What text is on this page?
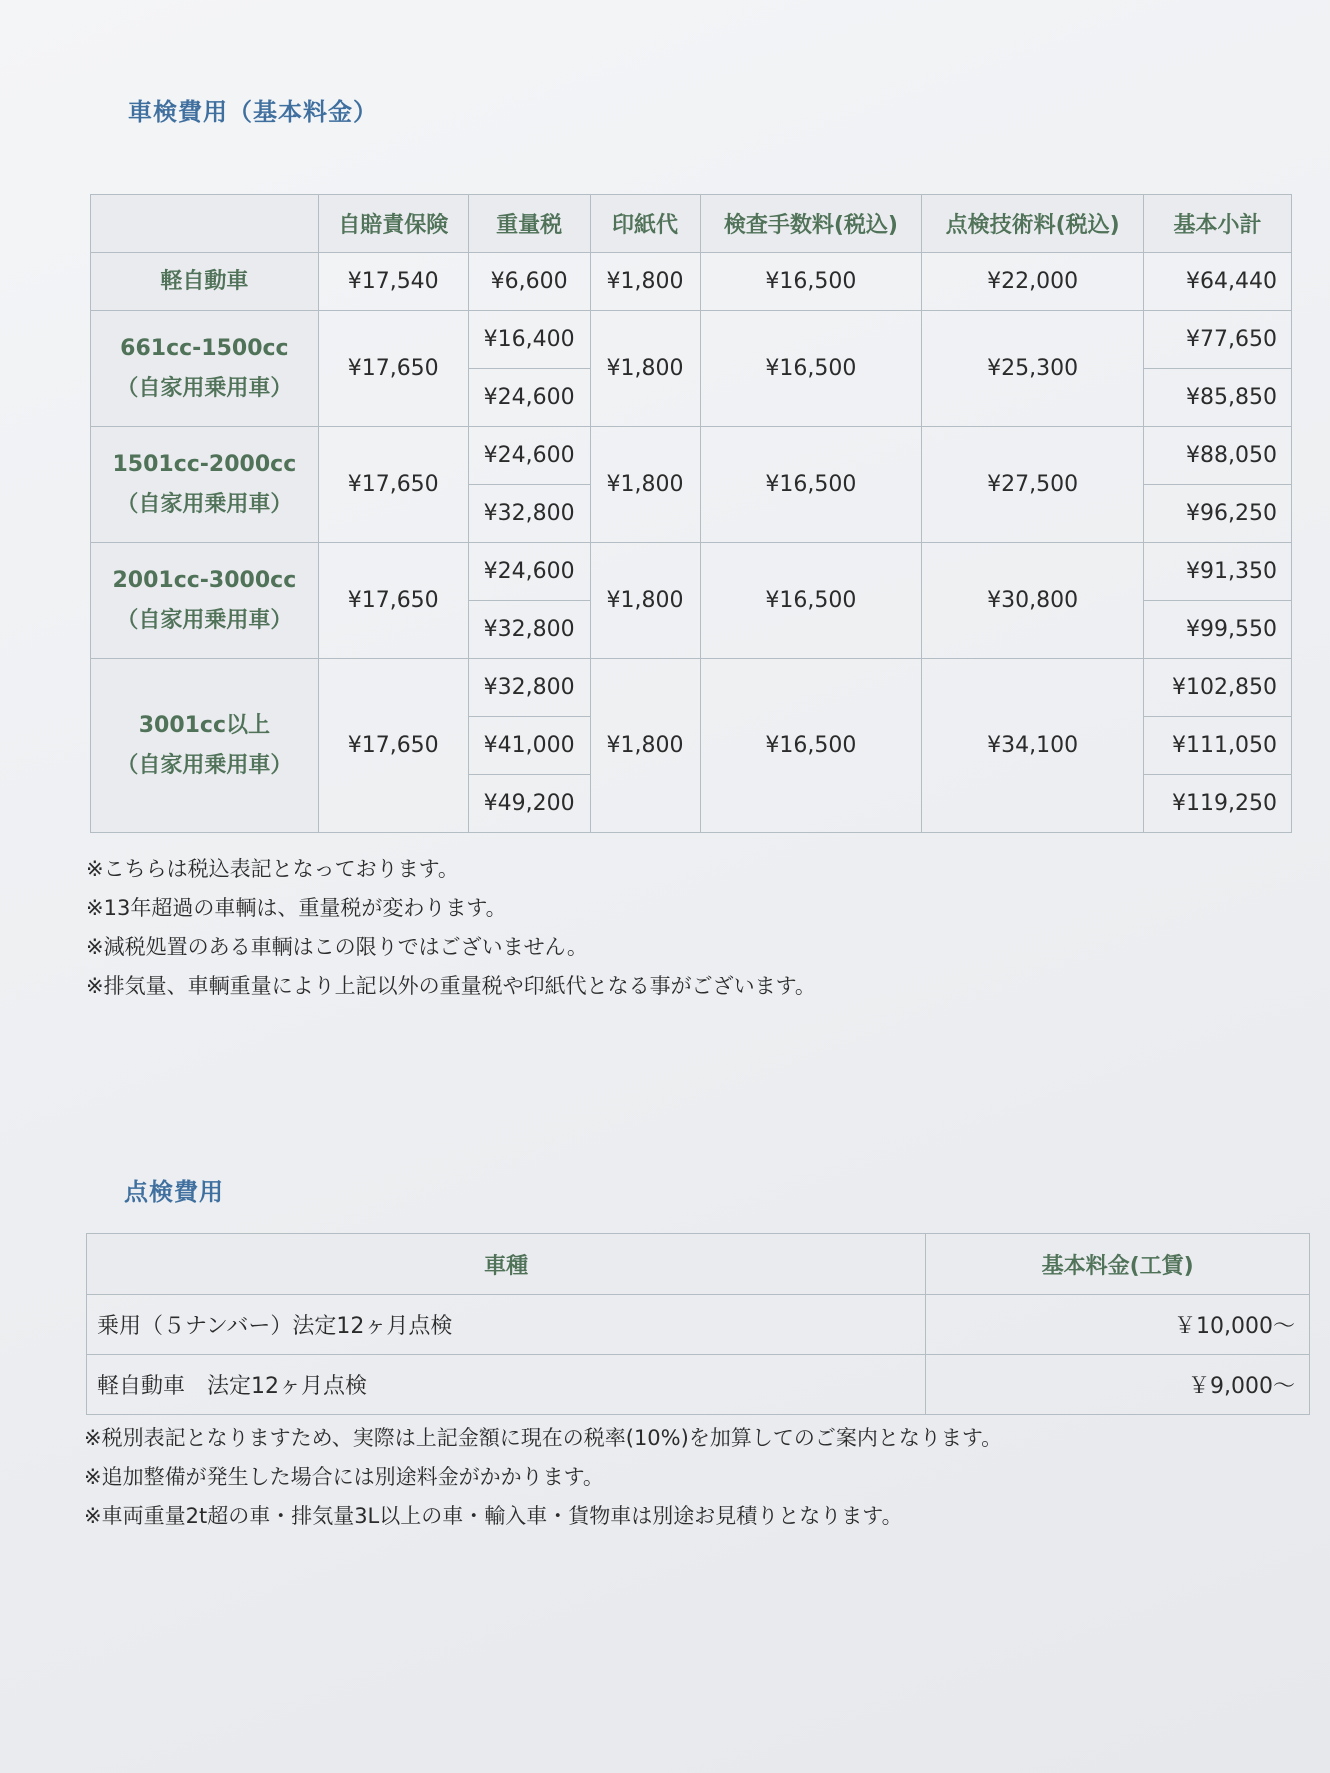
車検費用（基本料金）
	自賠責保険	重量税	印紙代	検査手数料(税込)	点検技術料(税込)	基本小計
軽自動車	¥17,540	¥6,600	¥1,800	¥16,500	¥22,000	¥64,440

661cc-1500cc
（自家用乗用車）	¥17,650	¥16,400	¥1,800	¥16,500	¥25,300	¥77,650
		¥24,600				¥85,850

1501cc-2000cc
（自家用乗用車）	¥17,650	¥24,600	¥1,800	¥16,500	¥27,500	¥88,050
		¥32,800				¥96,250

2001cc-3000cc
（自家用乗用車）	¥17,650	¥24,600	¥1,800	¥16,500	¥30,800	¥91,350
		¥32,800				¥99,550

3001cc以上
（自家用乗用車）	¥17,650	¥32,800	¥1,800	¥16,500	¥34,100	¥102,850
		¥41,000				¥111,050
		¥49,200				¥119,250
※こちらは税込表記となっております。
※13年超過の車輌は、重量税が変わります。
※減税処置のある車輌はこの限りではございません。
※排気量、車輌重量により上記以外の重量税や印紙代となる事がございます。
点検費用
車種	基本料金(工賃)
乗用（５ナンバー）法定12ヶ月点検	￥10,000～
軽自動車　法定12ヶ月点検	￥9,000～
※税別表記となりますため、実際は上記金額に現在の税率(10%)を加算してのご案内となります。
※追加整備が発生した場合には別途料金がかかります。
※車両重量2t超の車・排気量3L以上の車・輸入車・貨物車は別途お見積りとなります。
